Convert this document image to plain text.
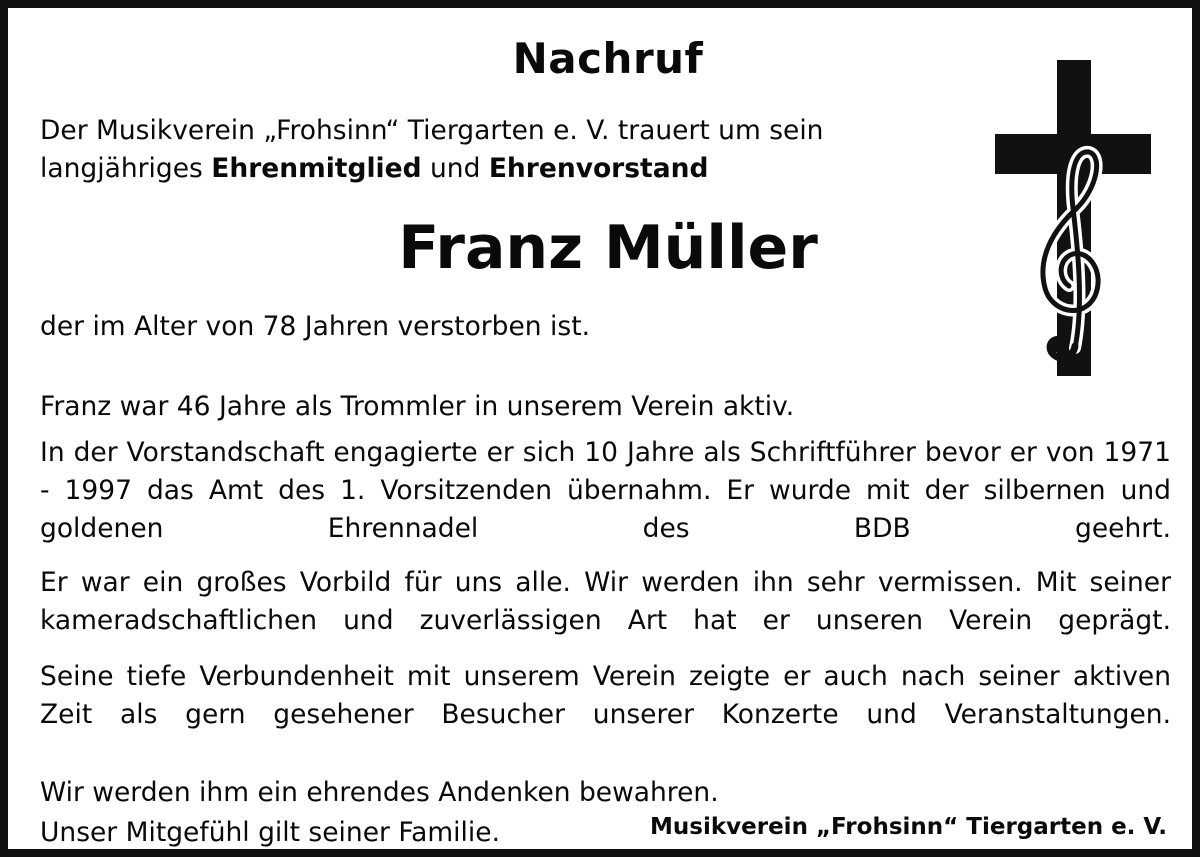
Nachruf
Der Musikverein „Frohsinn“ Tiergarten e. V. trauert um sein
langjähriges Ehrenmitglied und Ehrenvorstand
Franz Müller
der im Alter von 78 Jahren verstorben ist.
Franz war 46 Jahre als Trommler in unserem Verein aktiv.
In der Vorstandschaft engagierte er sich 10 Jahre als Schriftführer bevor er von 1971 - 1997 das Amt des 1. Vorsitzenden übernahm. Er wurde mit der silbernen und goldenen Ehrennadel des BDB geehrt.
Er war ein großes Vorbild für uns alle. Wir werden ihn sehr vermissen. Mit seiner kameradschaftlichen und zuverlässigen Art hat er unseren Verein geprägt.
Seine tiefe Verbundenheit mit unserem Verein zeigte er auch nach seiner aktiven Zeit als gern gesehener Besucher unserer Konzerte und Veranstaltungen.
Wir werden ihm ein ehrendes Andenken bewahren.
Unser Mitgefühl gilt seiner Familie.	Musikverein „Frohsinn“ Tiergarten e. V.
